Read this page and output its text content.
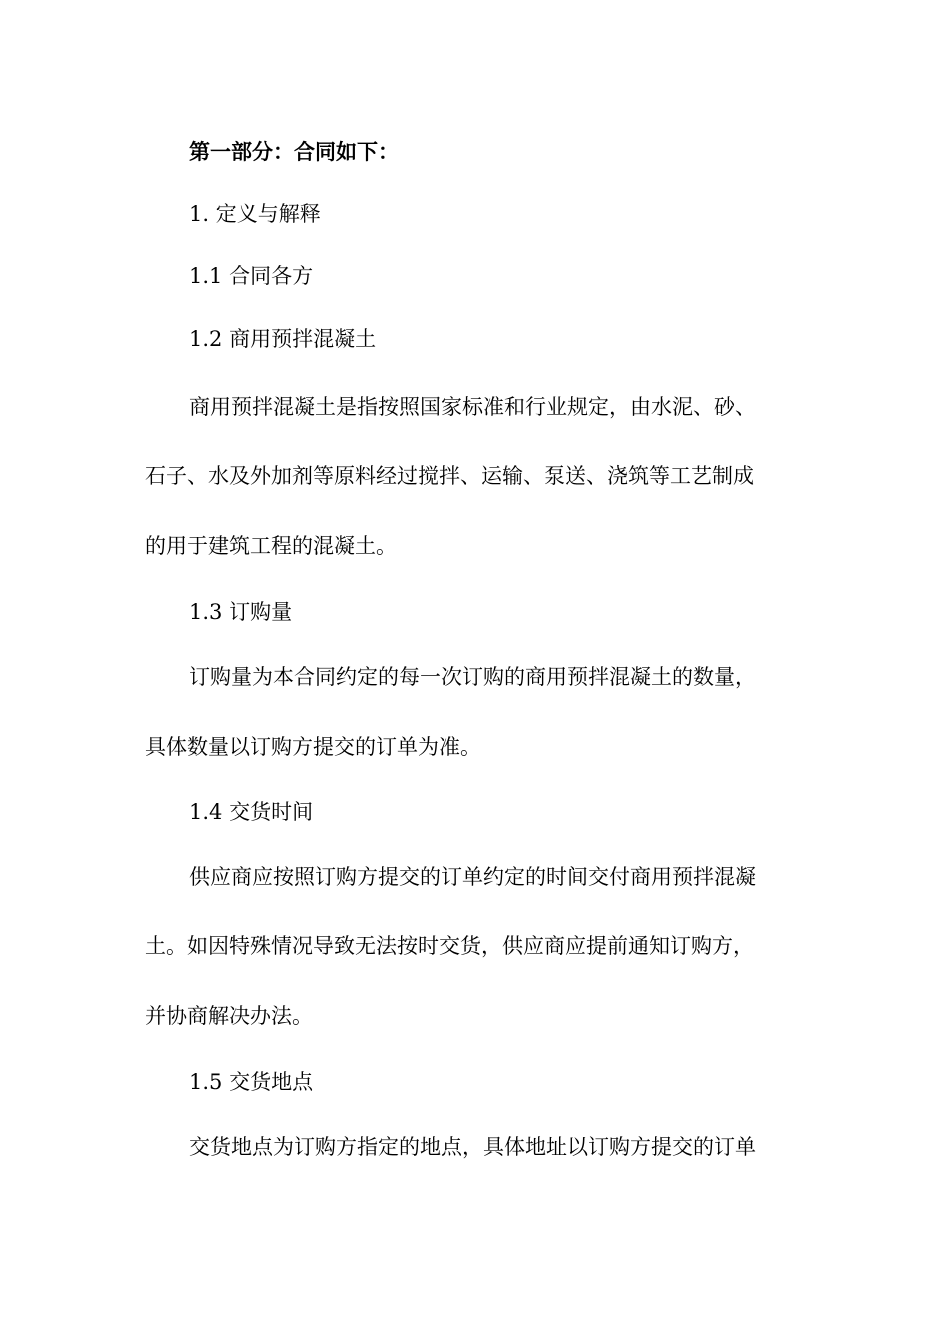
第一部分：合同如下：
1. 定义与解释
1.1 合同各方
1.2 商用预拌混凝土
商用预拌混凝土是指按照国家标准和行业规定，由水泥、砂、
石子、水及外加剂等原料经过搅拌、运输、泵送、浇筑等工艺制成
的用于建筑工程的混凝土。
1.3 订购量
订购量为本合同约定的每一次订购的商用预拌混凝土的数量，
具体数量以订购方提交的订单为准。
1.4 交货时间
供应商应按照订购方提交的订单约定的时间交付商用预拌混凝
土。如因特殊情况导致无法按时交货，供应商应提前通知订购方，
并协商解决办法。
1.5 交货地点
交货地点为订购方指定的地点，具体地址以订购方提交的订单
